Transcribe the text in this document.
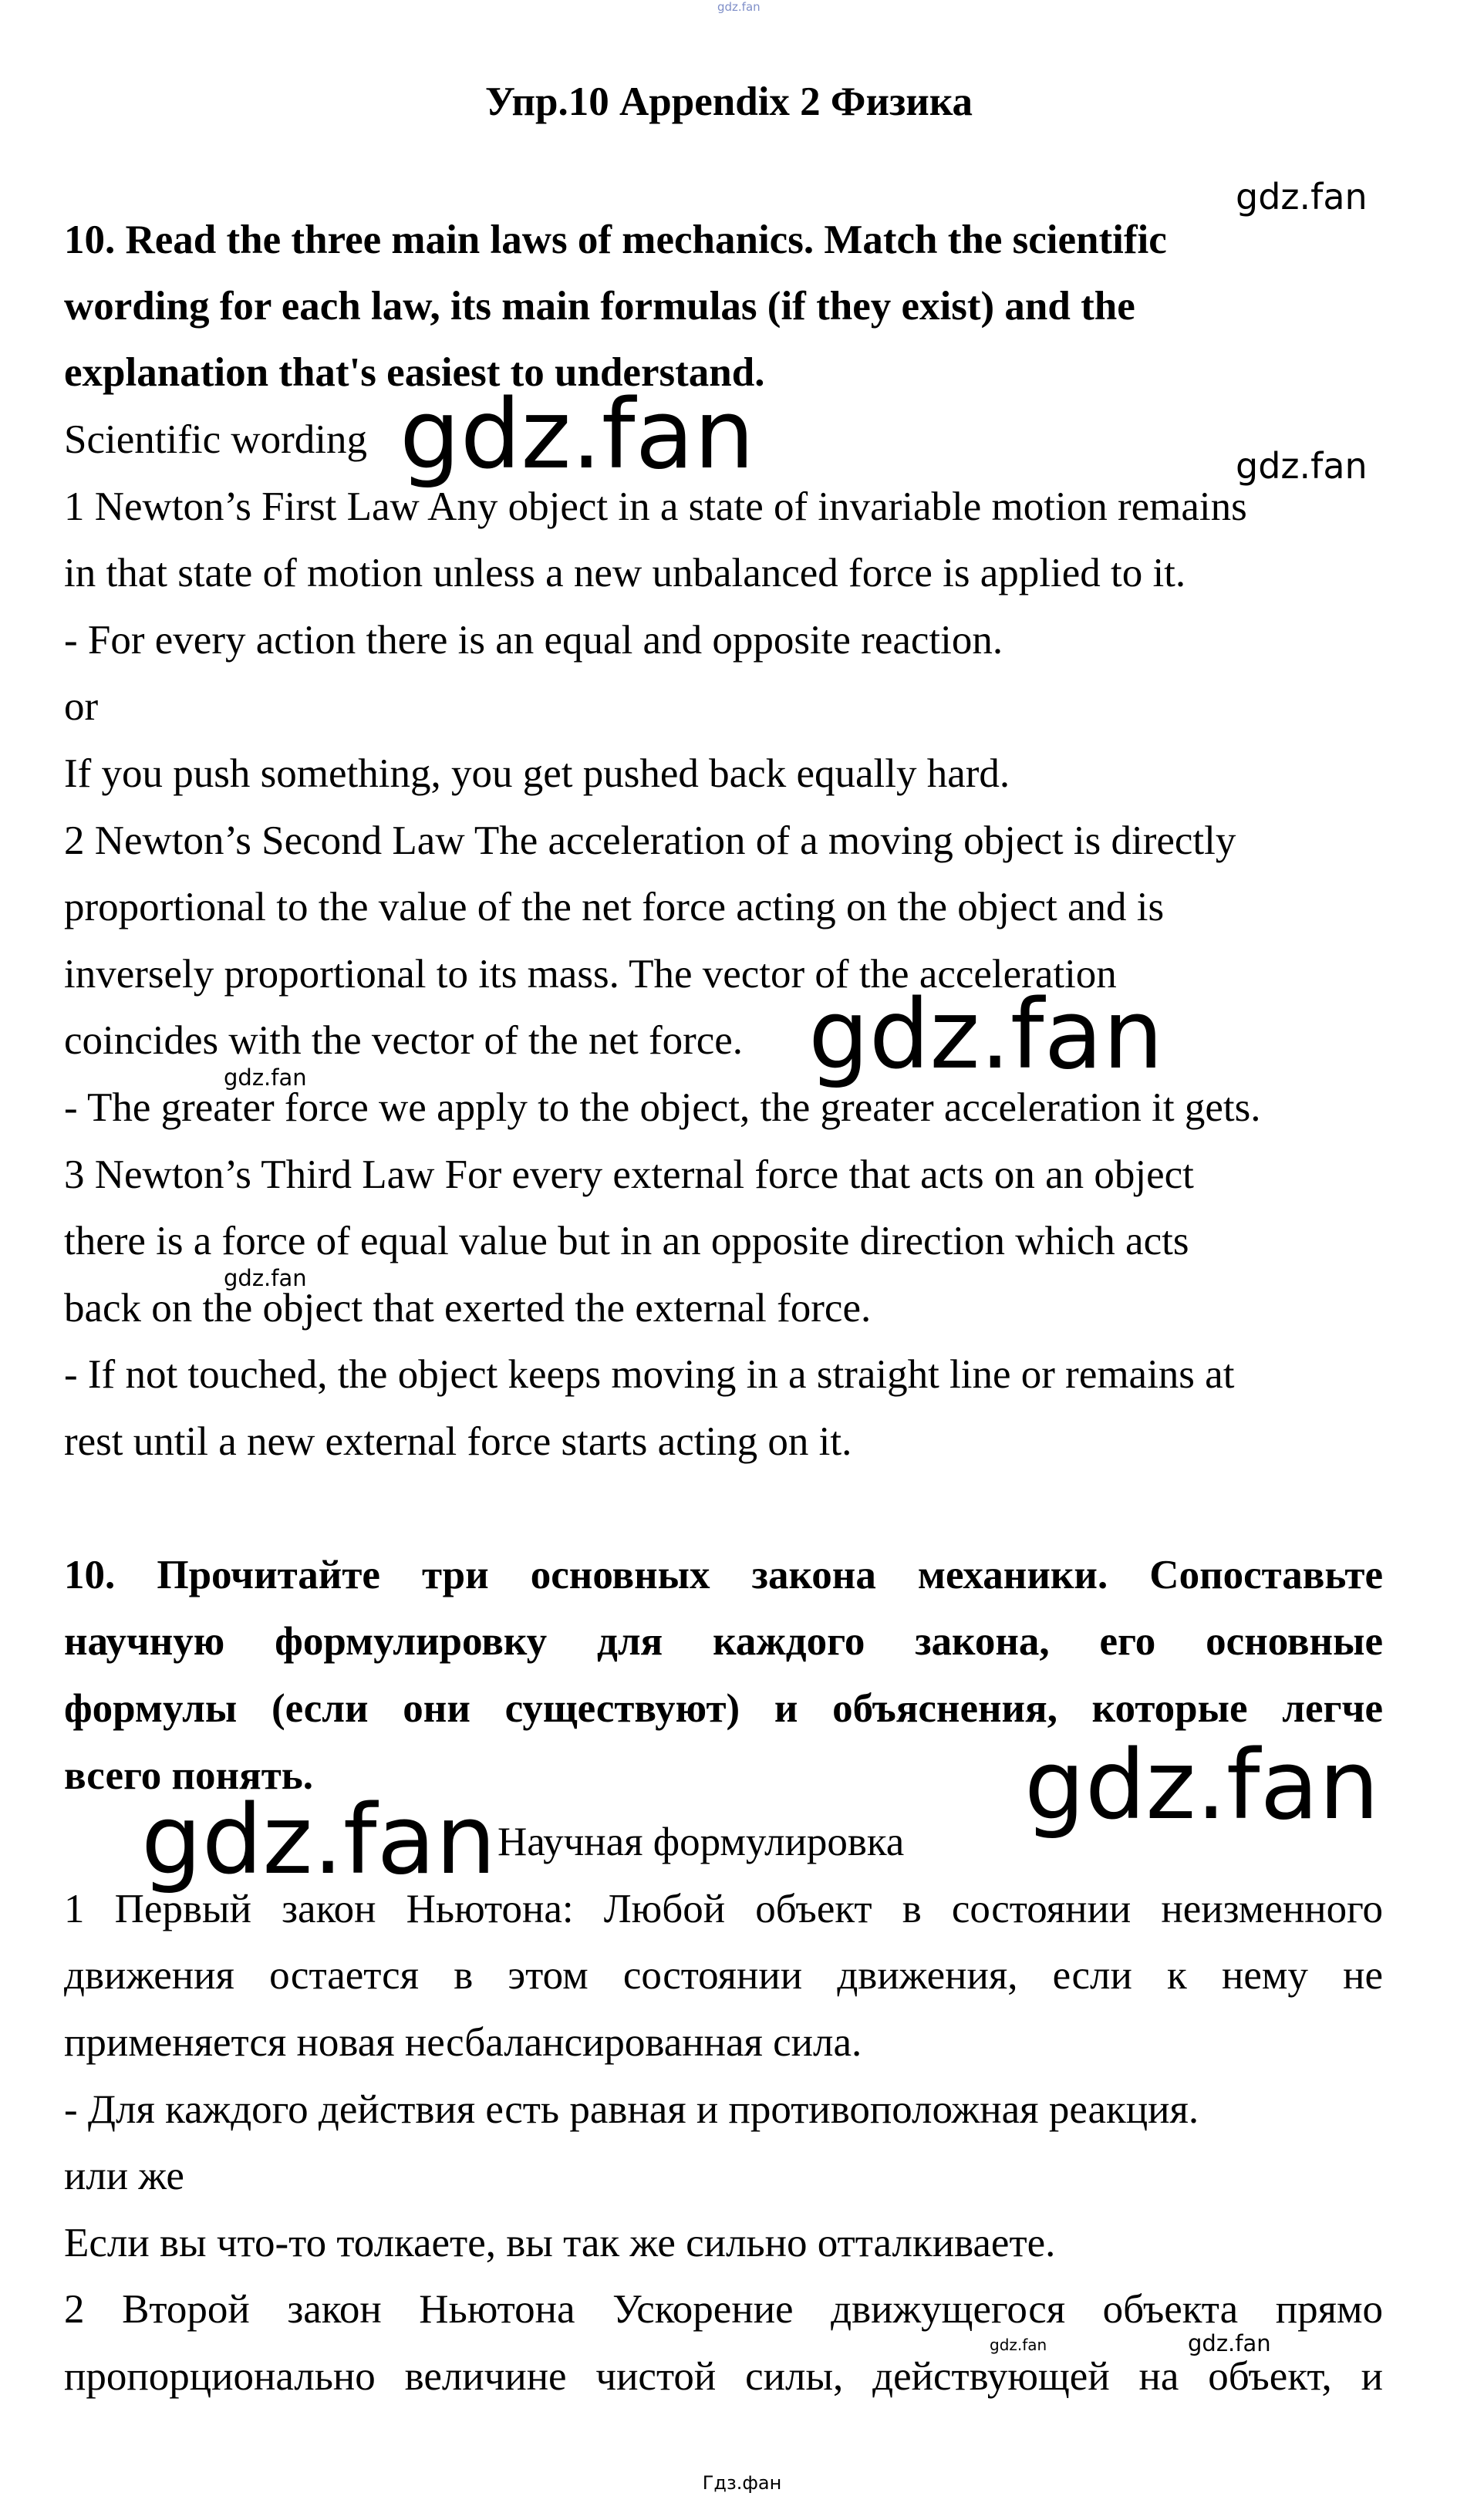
gdz.fan
Упр.10 Appendix 2 Физика

10. Read the three main laws of mechanics. Match the scientific

wording for each law, its main formulas (if they exist) and the

explanation that's easiest to understand.

Scientific wording

1 Newton’s First Law Any object in a state of invariable motion remains

in that state of motion unless a new unbalanced force is applied to it.

- For every action there is an equal and opposite reaction.

or

If you push something, you get pushed back equally hard.

2 Newton’s Second Law The acceleration of a moving object is directly

proportional to the value of the net force acting on the object and is

inversely proportional to its mass. The vector of the acceleration

coincides with the vector of the net force.

- The greater force we apply to the object, the greater acceleration it gets.

3 Newton’s Third Law For every external force that acts on an object

there is a force of equal value but in an opposite direction which acts

back on the object that exerted the external force.

- If not touched, the object keeps moving in a straight line or remains at

rest until a new external force starts acting on it.

10. Прочитайте три основных закона механики. Сопоставьте

научную формулировку для каждого закона, его основные

формулы (если они существуют) и объяснения, которые легче

всего понять.

Научная формулировка

1 Первый закон Ньютона: Любой объект в состоянии неизменного

движения остается в этом состоянии движения, если к нему не

применяется новая несбалансированная сила.

- Для каждого действия есть равная и противоположная реакция.

или же

Если вы что-то толкаете, вы так же сильно отталкиваете.

2 Второй закон Ньютона Ускорение движущегося объекта прямо

пропорционально величине чистой силы, действующей на объект, и

gdz.fan
gdz.fan	gdz.fan
gdz.fan
gdz.fan
gdz.fan
gdz.fan
gdz.fan
gdz.fan	gdz.fan
Гдз.фан
